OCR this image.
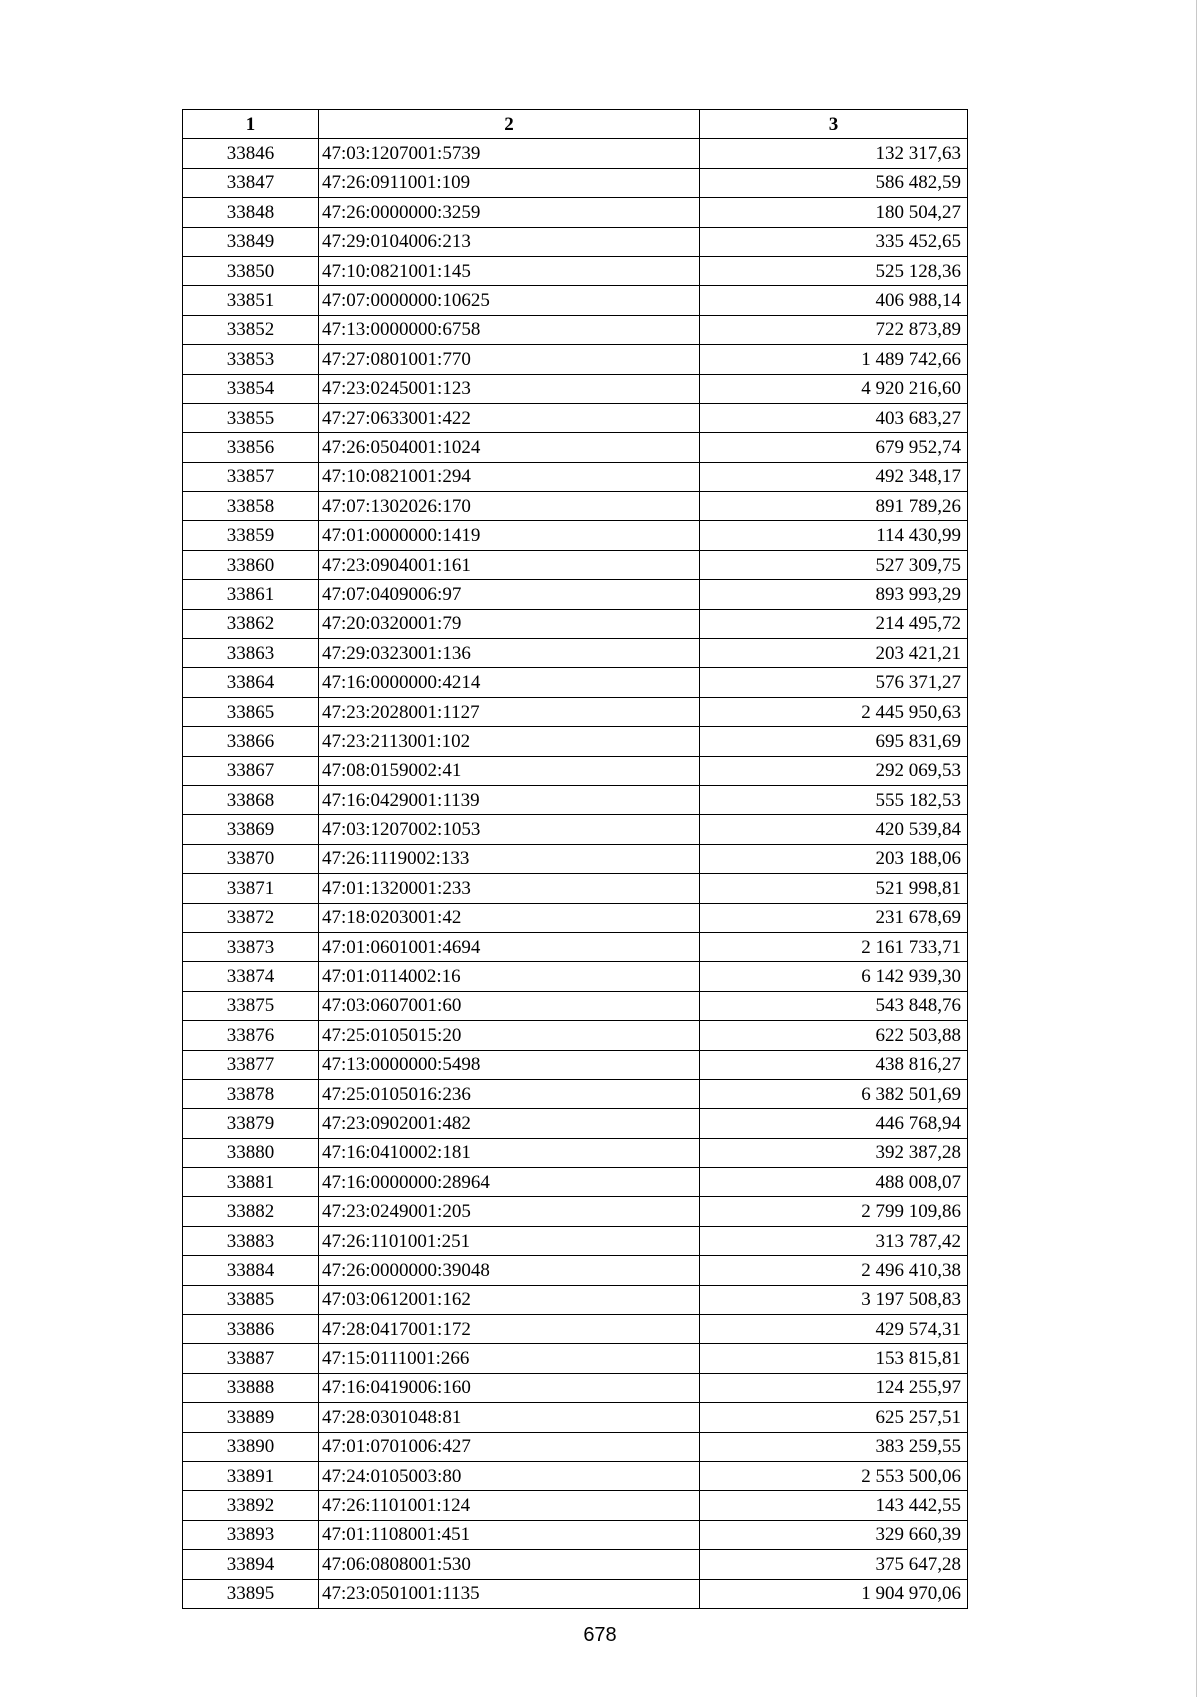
1	2	3
33846	47:03:1207001:5739	132 317,63
33847	47:26:0911001:109	586 482,59
33848	47:26:0000000:3259	180 504,27
33849	47:29:0104006:213	335 452,65
33850	47:10:0821001:145	525 128,36
33851	47:07:0000000:10625	406 988,14
33852	47:13:0000000:6758	722 873,89
33853	47:27:0801001:770	1 489 742,66
33854	47:23:0245001:123	4 920 216,60
33855	47:27:0633001:422	403 683,27
33856	47:26:0504001:1024	679 952,74
33857	47:10:0821001:294	492 348,17
33858	47:07:1302026:170	891 789,26
33859	47:01:0000000:1419	114 430,99
33860	47:23:0904001:161	527 309,75
33861	47:07:0409006:97	893 993,29
33862	47:20:0320001:79	214 495,72
33863	47:29:0323001:136	203 421,21
33864	47:16:0000000:4214	576 371,27
33865	47:23:2028001:1127	2 445 950,63
33866	47:23:2113001:102	695 831,69
33867	47:08:0159002:41	292 069,53
33868	47:16:0429001:1139	555 182,53
33869	47:03:1207002:1053	420 539,84
33870	47:26:1119002:133	203 188,06
33871	47:01:1320001:233	521 998,81
33872	47:18:0203001:42	231 678,69
33873	47:01:0601001:4694	2 161 733,71
33874	47:01:0114002:16	6 142 939,30
33875	47:03:0607001:60	543 848,76
33876	47:25:0105015:20	622 503,88
33877	47:13:0000000:5498	438 816,27
33878	47:25:0105016:236	6 382 501,69
33879	47:23:0902001:482	446 768,94
33880	47:16:0410002:181	392 387,28
33881	47:16:0000000:28964	488 008,07
33882	47:23:0249001:205	2 799 109,86
33883	47:26:1101001:251	313 787,42
33884	47:26:0000000:39048	2 496 410,38
33885	47:03:0612001:162	3 197 508,83
33886	47:28:0417001:172	429 574,31
33887	47:15:0111001:266	153 815,81
33888	47:16:0419006:160	124 255,97
33889	47:28:0301048:81	625 257,51
33890	47:01:0701006:427	383 259,55
33891	47:24:0105003:80	2 553 500,06
33892	47:26:1101001:124	143 442,55
33893	47:01:1108001:451	329 660,39
33894	47:06:0808001:530	375 647,28
33895	47:23:0501001:1135	1 904 970,06
678
